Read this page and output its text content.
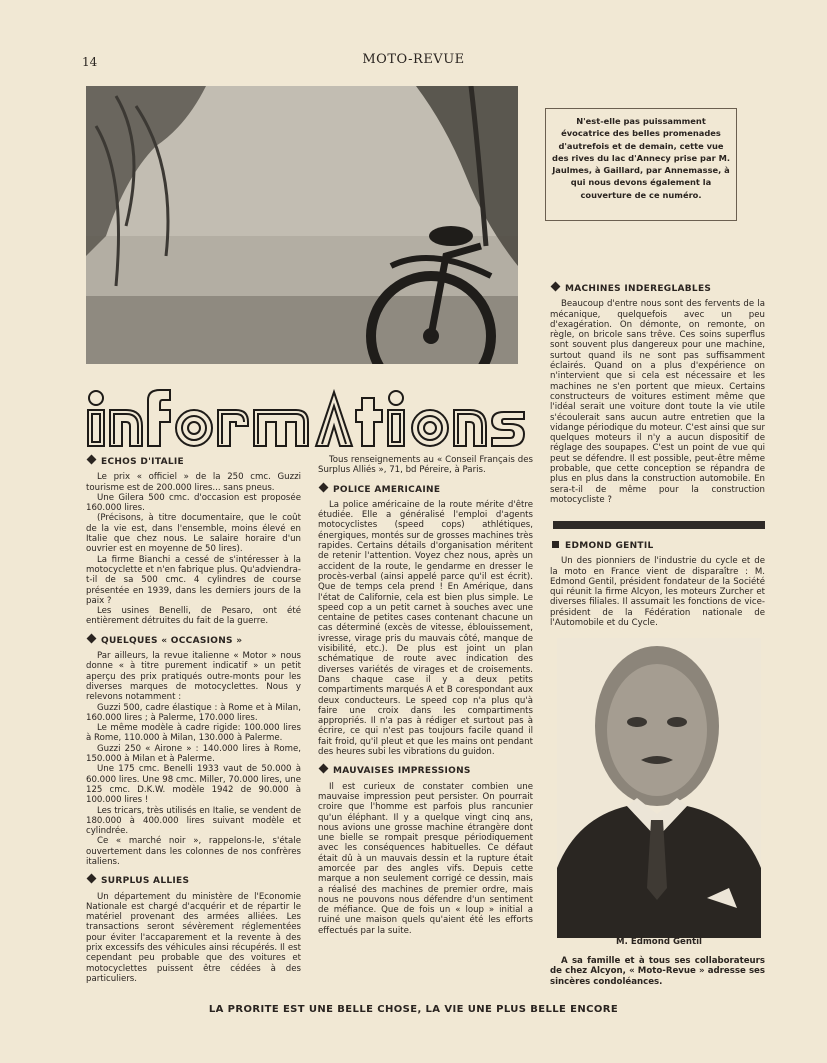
14	MOTO-REVUE
N'est-elle pas puissamment évocatrice des belles promenades d'autrefois et de demain, cette vue des rives du lac d'Annecy prise par M. Jaulmes, à Gaillard, par Annemasse, à qui nous devons également la couverture de ce numéro.
ECHOS D'ITALIE

Le prix « officiel » de la 250 cmc. Guzzi tourisme est de 200.000 lires... sans pneus.

Une Gilera 500 cmc. d'occasion est proposée 160.000 lires.

(Précisons, à titre documentaire, que le coût de la vie est, dans l'ensemble, moins élevé en Italie que chez nous. Le salaire horaire d'un ouvrier est en moyenne de 50 lires).

La firme Bianchi a cessé de s'intéresser à la motocyclette et n'en fabrique plus. Qu'adviendra-t-il de sa 500 cmc. 4 cylindres de course présentée en 1939, dans les derniers jours de la paix ?

Les usines Benelli, de Pesaro, ont été entièrement détruites du fait de la guerre.

QUELQUES « OCCASIONS »

Par ailleurs, la revue italienne « Motor » nous donne « à titre purement indicatif » un petit aperçu des prix pratiqués outre-monts pour les diverses marques de motocyclettes. Nous y relevons notamment :

Guzzi 500, cadre élastique : à Rome et à Milan, 160.000 lires ; à Palerme, 170.000 lires.

Le même modèle à cadre rigide: 100.000 lires à Rome, 110.000 à Milan, 130.000 à Palerme.

Guzzi 250 « Airone » : 140.000 lires à Rome, 150.000 à Milan et à Palerme.

Une 175 cmc. Benelli 1933 vaut de 50.000 à 60.000 lires. Une 98 cmc. Miller, 70.000 lires, une 125 cmc. D.K.W. modèle 1942 de 90.000 à 100.000 lires !

Les tricars, très utilisés en Italie, se vendent de 180.000 à 400.000 lires suivant modèle et cylindrée.

Ce « marché noir », rappelons-le, s'étale ouvertement dans les colonnes de nos confrères italiens.

SURPLUS ALLIES

Un département du ministère de l'Economie Nationale est chargé d'acquérir et de répartir le matériel provenant des armées alliées. Les transactions seront sévèrement réglementées pour éviter l'accaparement et la revente à des prix excessifs des véhicules ainsi récupérés. Il est cependant peu probable que des voitures et motocyclettes puissent être cédées à des particuliers.

Tous renseignements au « Conseil Français des Surplus Alliés », 71, bd Péreire, à Paris.

POLICE AMERICAINE

La police américaine de la route mérite d'être étudiée. Elle a généralisé l'emploi d'agents motocyclistes (speed cops) athlétiques, énergiques, montés sur de grosses machines très rapides. Certains détails d'organisation méritent de retenir l'attention. Voyez chez nous, après un accident de la route, le gendarme en dresser le procès-verbal (ainsi appelé parce qu'il est écrit). Que de temps cela prend ! En Amérique, dans l'état de Californie, cela est bien plus simple. Le speed cop a un petit carnet à souches avec une centaine de petites cases contenant chacune un cas déterminé (excès de vitesse, éblouissement, ivresse, virage pris du mauvais côté, manque de visibilité, etc.). De plus est joint un plan schématique de route avec indication des diverses variétés de virages et de croisements. Dans chaque case il y a deux petits compartiments marqués A et B corespondant aux deux conducteurs. Le speed cop n'a plus qu'à faire une croix dans les compartiments appropriés. Il n'a pas à rédiger et surtout pas à écrire, ce qui n'est pas toujours facile quand il fait froid, qu'il pleut et que les mains ont pendant des heures subi les vibrations du guidon.

MAUVAISES IMPRESSIONS

Il est curieux de constater combien une mauvaise impression peut persister. On pourrait croire que l'homme est parfois plus rancunier qu'un éléphant. Il y a quelque vingt cinq ans, nous avions une grosse machine étrangère dont une bielle se rompait presque périodiquement avec les conséquences habituelles. Ce défaut était dû à un mauvais dessin et la rupture était amorcée par des angles vifs. Depuis cette marque a non seulement corrigé ce dessin, mais a réalisé des machines de premier ordre, mais nous ne pouvons nous défendre d'un sentiment de méfiance. Que de fois un « loup » initial a ruiné une maison quels qu'aient été les efforts effectués par la suite.

MACHINES INDEREGLABLES

Beaucoup d'entre nous sont des fervents de la mécanique, quelquefois avec un peu d'exagération. On démonte, on remonte, on règle, on bricole sans trêve. Ces soins superflus sont souvent plus dangereux pour une machine, surtout quand ils ne sont pas suffisamment éclairés. Quand on a plus d'expérience on n'intervient que si cela est nécessaire et les machines ne s'en portent que mieux. Certains constructeurs de voitures estiment même que l'idéal serait une voiture dont toute la vie utile s'écoulerait sans aucun autre entretien que la vidange périodique du moteur. C'est ainsi que sur quelques moteurs il n'y a aucun dispositif de réglage des soupapes. C'est un point de vue qui peut se défendre. Il est possible, peut-être même probable, que cette conception se répandra de plus en plus dans la construction automobile. En sera-t-il de même pour la construction motocycliste ?

EDMOND GENTIL

Un des pionniers de l'industrie du cycle et de la moto en France vient de disparaître : M. Edmond Gentil, président fondateur de la Société qui réunit la firme Alcyon, les moteurs Zurcher et diverses filiales. Il assumait les fonctions de vice-président de la Fédération nationale de l'Automobile et du Cycle.

M. Edmond Gentil

A sa famille et à tous ses collaborateurs de chez Alcyon, « Moto-Revue » adresse ses sincères condoléances.

LA PRORITE EST UNE BELLE CHOSE, LA VIE UNE PLUS BELLE ENCORE
